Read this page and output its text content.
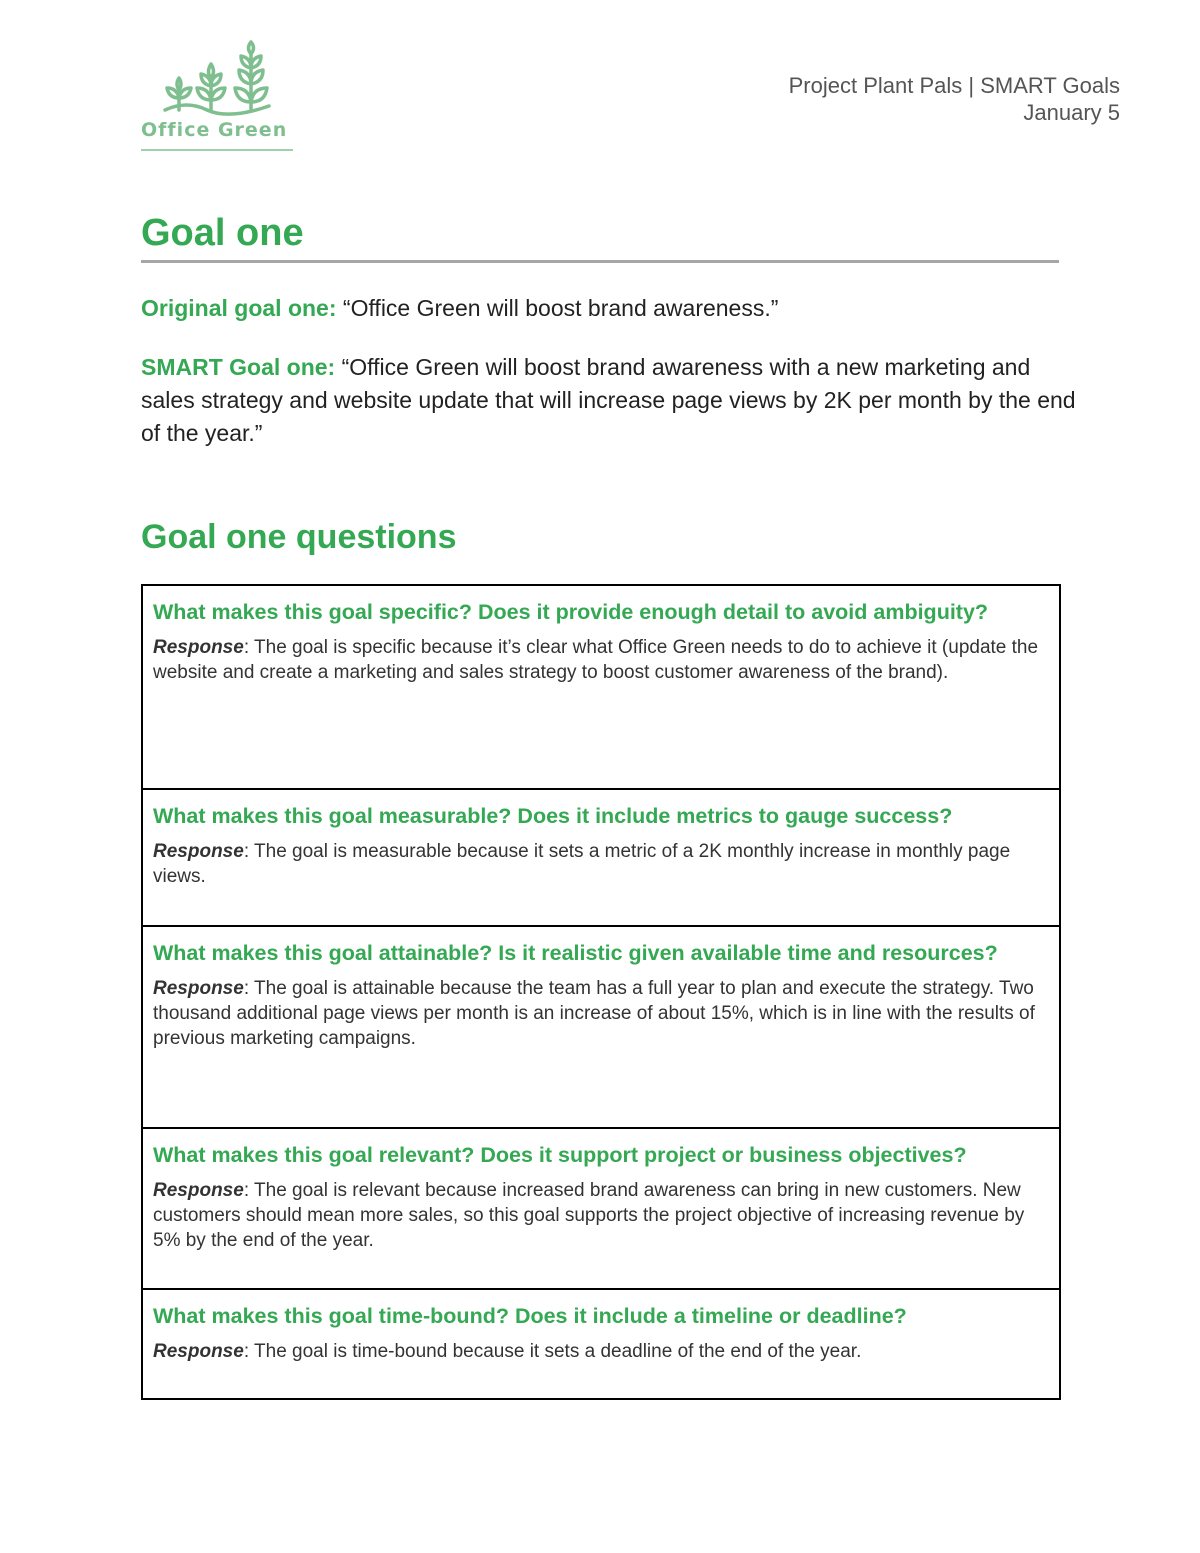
Office Green
Project Plant Pals | SMART Goals
January 5
Goal one

Original goal one: “Office Green will boost brand awareness.”

SMART Goal one: “Office Green will boost brand awareness with a new marketing and sales strategy and website update that will increase page views by 2K per month by the end of the year.”

Goal one questions

What makes this goal specific? Does it provide enough detail to avoid ambiguity?

Response: The goal is specific because it’s clear what Office Green needs to do to achieve it (update the website and create a marketing and sales strategy to boost customer awareness of the brand).

What makes this goal measurable? Does it include metrics to gauge success?

Response: The goal is measurable because it sets a metric of a 2K monthly increase in monthly page views.

What makes this goal attainable? Is it realistic given available time and resources?

Response: The goal is attainable because the team has a full year to plan and execute the strategy. Two thousand additional page views per month is an increase of about 15%, which is in line with the results of previous marketing campaigns.

What makes this goal relevant? Does it support project or business objectives?

Response: The goal is relevant because increased brand awareness can bring in new customers. New customers should mean more sales, so this goal supports the project objective of increasing revenue by 5% by the end of the year.

What makes this goal time-bound? Does it include a timeline or deadline?

Response: The goal is time-bound because it sets a deadline of the end of the year.
